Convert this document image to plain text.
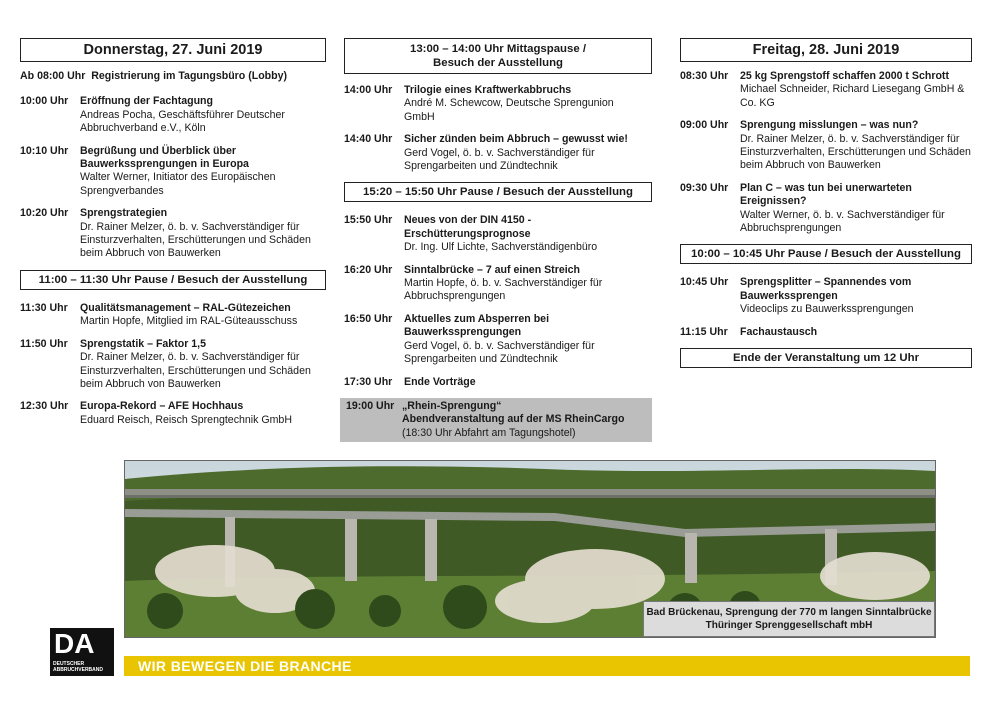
Donnerstag, 27. Juni 2019
Ab 08:00 Uhr Registrierung im Tagungsbüro (Lobby)
10:00 Uhr	Eröffnung der Fachtagung
Andreas Pocha, Geschäftsführer Deutscher
Abbruchverband e.V., Köln
10:10 Uhr	Begrüßung und Überblick über
Bauwerkssprengungen in Europa
Walter Werner, Initiator des Europäischen
Sprengverbandes
10:20 Uhr	Sprengstrategien
Dr. Rainer Melzer, ö. b. v. Sachverständiger für
Einsturzverhalten, Erschütterungen und Schäden
beim Abbruch von Bauwerken
11:00 – 11:30 Uhr Pause / Besuch der Ausstellung
11:30 Uhr	Qualitätsmanagement – RAL-Gütezeichen
Martin Hopfe, Mitglied im RAL-Güteausschuss
11:50 Uhr	Sprengstatik – Faktor 1,5
Dr. Rainer Melzer, ö. b. v. Sachverständiger für
Einsturzverhalten, Erschütterungen und Schäden
beim Abbruch von Bauwerken
12:30 Uhr	Europa-Rekord – AFE Hochhaus
Eduard Reisch, Reisch Sprengtechnik GmbH
13:00 – 14:00 Uhr Mittagspause /
Besuch der Ausstellung
14:00 Uhr	Trilogie eines Kraftwerkabbruchs
André M. Schewcow, Deutsche Sprengunion
GmbH
14:40 Uhr	Sicher zünden beim Abbruch – gewusst wie!
Gerd Vogel, ö. b. v. Sachverständiger für
Sprengarbeiten und Zündtechnik
15:20 – 15:50 Uhr Pause / Besuch der Ausstellung
15:50 Uhr	Neues von der DIN 4150 -
Erschütterungsprognose
Dr. Ing. Ulf Lichte, Sachverständigenbüro
16:20 Uhr	Sinntalbrücke – 7 auf einen Streich
Martin Hopfe, ö. b. v. Sachverständiger für
Abbruchsprengungen
16:50 Uhr	Aktuelles zum Absperren bei
Bauwerkssprengungen
Gerd Vogel, ö. b. v. Sachverständiger für
Sprengarbeiten und Zündtechnik
17:30 Uhr	Ende Vorträge
19:00 Uhr „Rhein-Sprengung“
Abendveranstaltung auf der MS RheinCargo
(18:30 Uhr Abfahrt am Tagungshotel)
Freitag, 28. Juni 2019
08:30 Uhr	25 kg Sprengstoff schaffen 2000 t Schrott
Michael Schneider, Richard Liesegang GmbH &
Co. KG
09:00 Uhr	Sprengung misslungen – was nun?
Dr. Rainer Melzer, ö. b. v. Sachverständiger für
Einsturzverhalten, Erschütterungen und Schäden
beim Abbruch von Bauwerken
09:30 Uhr	Plan C – was tun bei unerwarteten Ereignissen?
Walter Werner, ö. b. v. Sachverständiger für
Abbruchsprengungen
10:00 – 10:45 Uhr Pause / Besuch der Ausstellung
10:45 Uhr	Sprengsplitter – Spannendes vom
Bauwerkssprengen
Videoclips zu Bauwerkssprengungen
11:15 Uhr	Fachaustausch
Ende der Veranstaltung um 12 Uhr
Bad Brückenau, Sprengung der 770 m langen Sinntalbrücke
Thüringer Sprenggesellschaft mbH
WIR BEWEGEN DIE BRANCHE
DA
DEUTSCHER
ABBRUCHVERBAND
